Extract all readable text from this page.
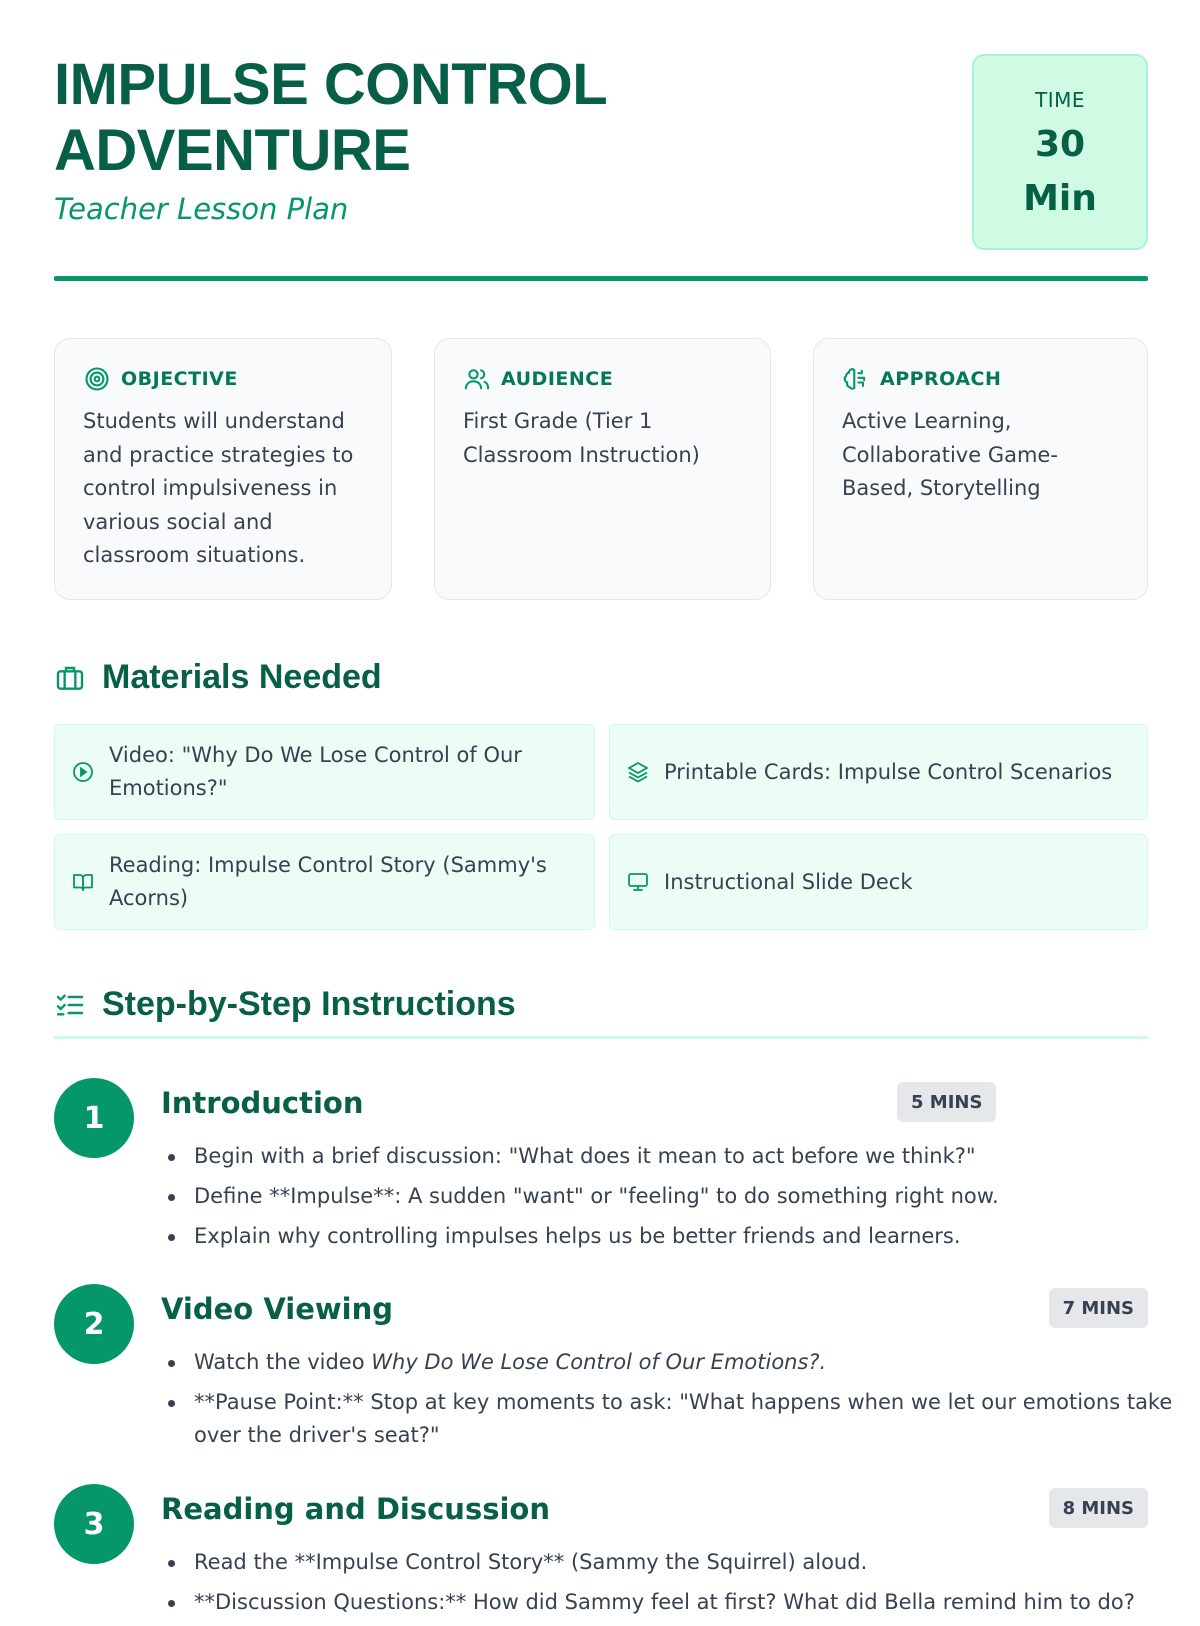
IMPULSE CONTROL
ADVENTURE
Teacher Lesson Plan
TIME
30
Min
OBJECTIVE
Students will understand and practice strategies to control impulsiveness in various social and classroom situations.
AUDIENCE
First Grade (Tier 1 Classroom Instruction)
APPROACH
Active Learning, Collaborative Game-Based, Storytelling
Materials Needed
Video: "Why Do We Lose Control of Our Emotions?"
Printable Cards: Impulse Control Scenarios
Reading: Impulse Control Story (Sammy's Acorns)
Instructional Slide Deck
Step-by-Step Instructions
1	Introduction	5 MINS
Begin with a brief discussion: "What does it mean to act before we think?"
Define **Impulse**: A sudden "want" or "feeling" to do something right now.
Explain why controlling impulses helps us be better friends and learners.
2	Video Viewing	7 MINS
Watch the video Why Do We Lose Control of Our Emotions?.
**Pause Point:** Stop at key moments to ask: "What happens when we let our emotions take over the driver's seat?"
3	Reading and Discussion	8 MINS
Read the **Impulse Control Story** (Sammy the Squirrel) aloud.
**Discussion Questions:** How did Sammy feel at first? What did Bella remind him to do?
